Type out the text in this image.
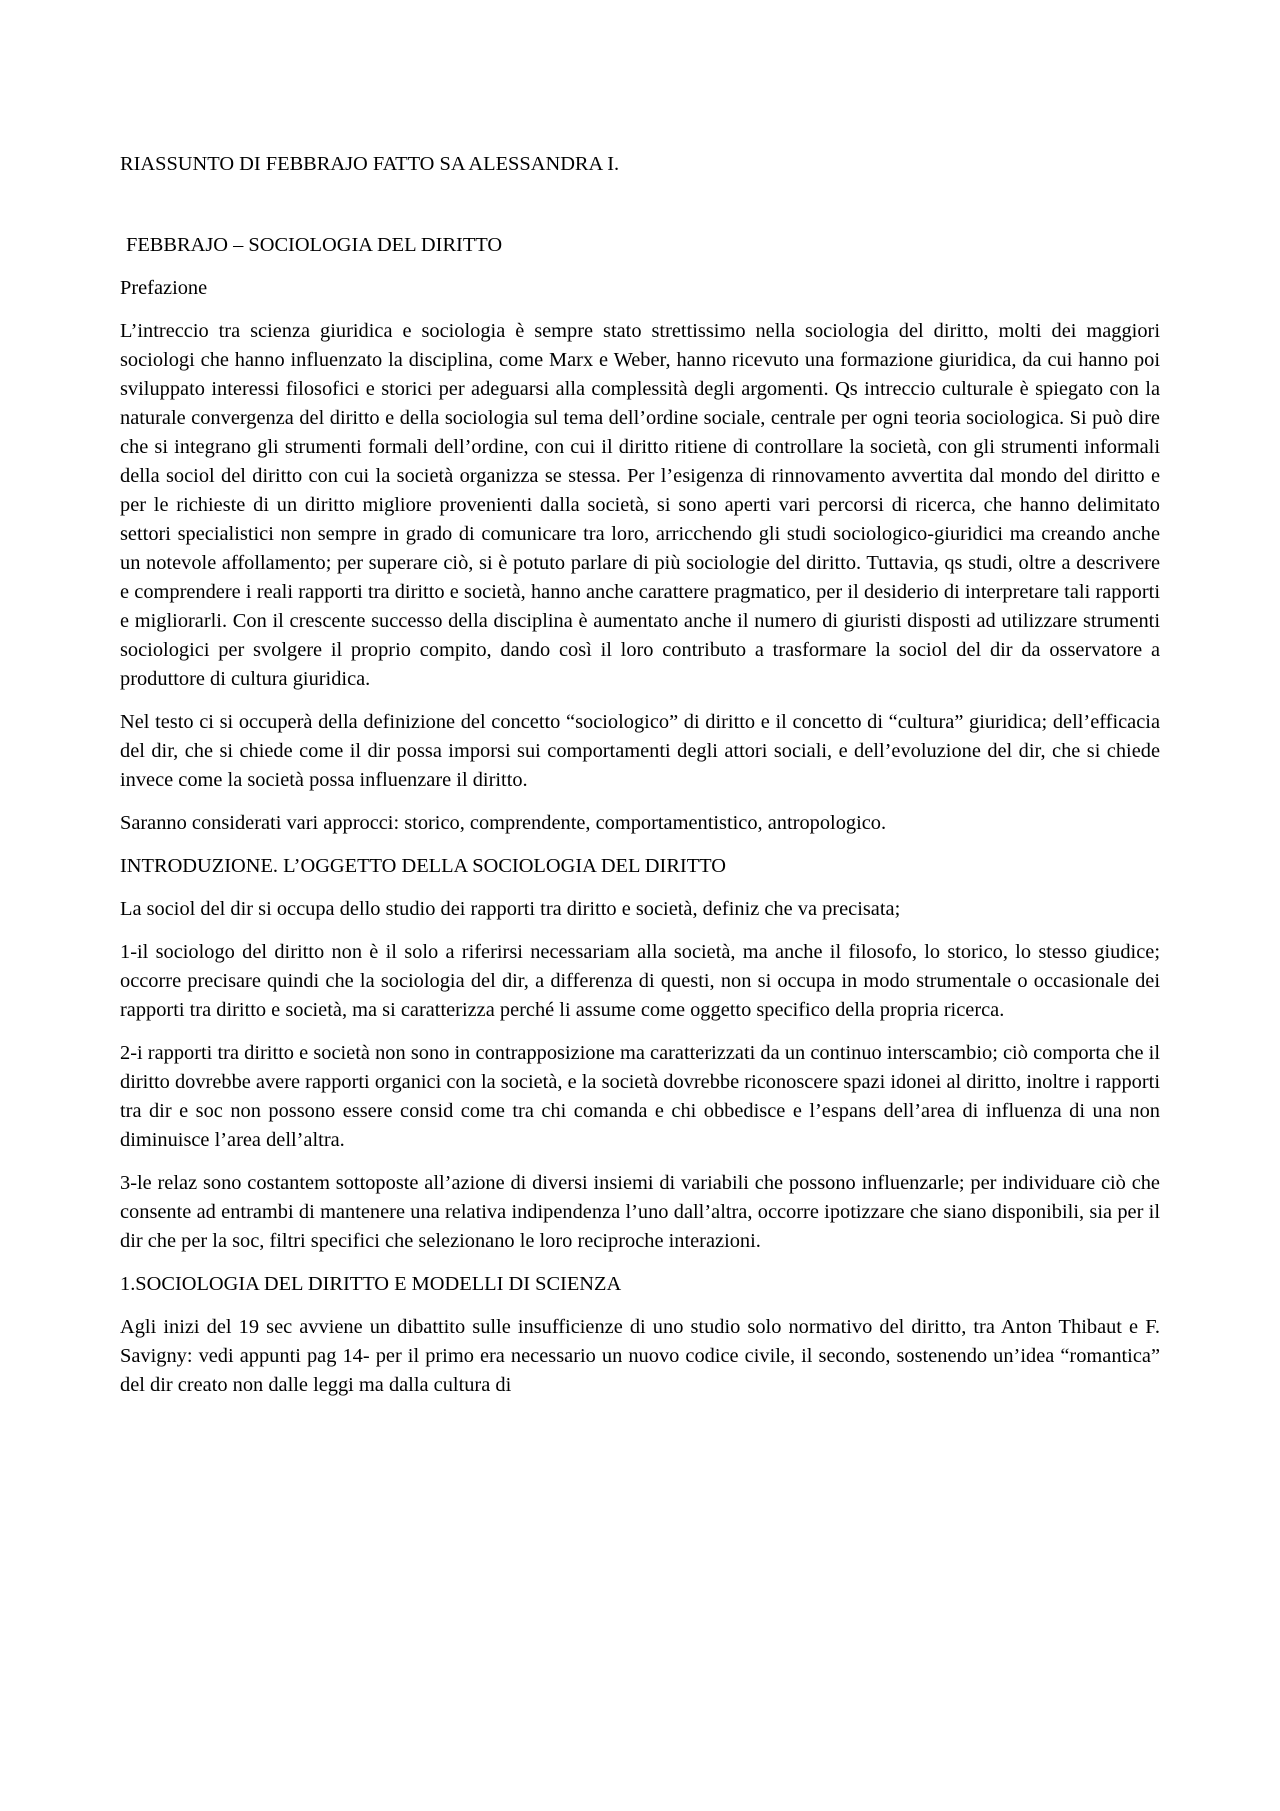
RIASSUNTO DI FEBBRAJO FATTO SA ALESSANDRA I.

FEBBRAJO – SOCIOLOGIA DEL DIRITTO

Prefazione

L’intreccio tra scienza giuridica e sociologia è sempre stato strettissimo nella sociologia del diritto, molti dei maggiori sociologi che hanno influenzato la disciplina, come Marx e Weber, hanno ricevuto una formazione giuridica, da cui hanno poi sviluppato interessi filosofici e storici per adeguarsi alla complessità degli argomenti. Qs intreccio culturale è spiegato con la naturale convergenza del diritto e della sociologia sul tema dell’ordine sociale, centrale per ogni teoria sociologica. Si può dire che si integrano gli strumenti formali dell’ordine, con cui il diritto ritiene di controllare la società, con gli strumenti informali della sociol del diritto con cui la società organizza se stessa. Per l’esigenza di rinnovamento avvertita dal mondo del diritto e per le richieste di un diritto migliore provenienti dalla società, si sono aperti vari percorsi di ricerca, che hanno delimitato settori specialistici non sempre in grado di comunicare tra loro, arricchendo gli studi sociologico-giuridici ma creando anche un notevole affollamento; per superare ciò, si è potuto parlare di più sociologie del diritto. Tuttavia, qs studi, oltre a descrivere e comprendere i reali rapporti tra diritto e società, hanno anche carattere pragmatico, per il desiderio di interpretare tali rapporti e migliorarli. Con il crescente successo della disciplina è aumentato anche il numero di giuristi disposti ad utilizzare strumenti sociologici per svolgere il proprio compito, dando così il loro contributo a trasformare la sociol del dir da osservatore a produttore di cultura giuridica.

Nel testo ci si occuperà della definizione del concetto “sociologico” di diritto e il concetto di “cultura” giuridica; dell’efficacia del dir, che si chiede come il dir possa imporsi sui comportamenti degli attori sociali, e dell’evoluzione del dir, che si chiede invece come la società possa influenzare il diritto.

Saranno considerati vari approcci: storico, comprendente, comportamentistico, antropologico.

INTRODUZIONE. L’OGGETTO DELLA SOCIOLOGIA DEL DIRITTO

La sociol del dir si occupa dello studio dei rapporti tra diritto e società, definiz che va precisata;

1-il sociologo del diritto non è il solo a riferirsi necessariam alla società, ma anche il filosofo, lo storico, lo stesso giudice; occorre precisare quindi che la sociologia del dir, a differenza di questi, non si occupa in modo strumentale o occasionale dei rapporti tra diritto e società, ma si caratterizza perché li assume come oggetto specifico della propria ricerca.

2-i rapporti tra diritto e società non sono in contrapposizione ma caratterizzati da un continuo interscambio; ciò comporta che il diritto dovrebbe avere rapporti organici con la società, e la società dovrebbe riconoscere spazi idonei al diritto, inoltre i rapporti tra dir e soc non possono essere consid come tra chi comanda e chi obbedisce e l’espans dell’area di influenza di una non diminuisce l’area dell’altra.

3-le relaz sono costantem sottoposte all’azione di diversi insiemi di variabili che possono influenzarle; per individuare ciò che consente ad entrambi di mantenere una relativa indipendenza l’uno dall’altra, occorre ipotizzare che siano disponibili, sia per il dir che per la soc, filtri specifici che selezionano le loro reciproche interazioni.

1.SOCIOLOGIA DEL DIRITTO E MODELLI DI SCIENZA

Agli inizi del 19 sec avviene un dibattito sulle insufficienze di uno studio solo normativo del diritto, tra Anton Thibaut e F. Savigny: vedi appunti pag 14- per il primo era necessario un nuovo codice civile, il secondo, sostenendo un’idea “romantica” del dir creato non dalle leggi ma dalla cultura di
